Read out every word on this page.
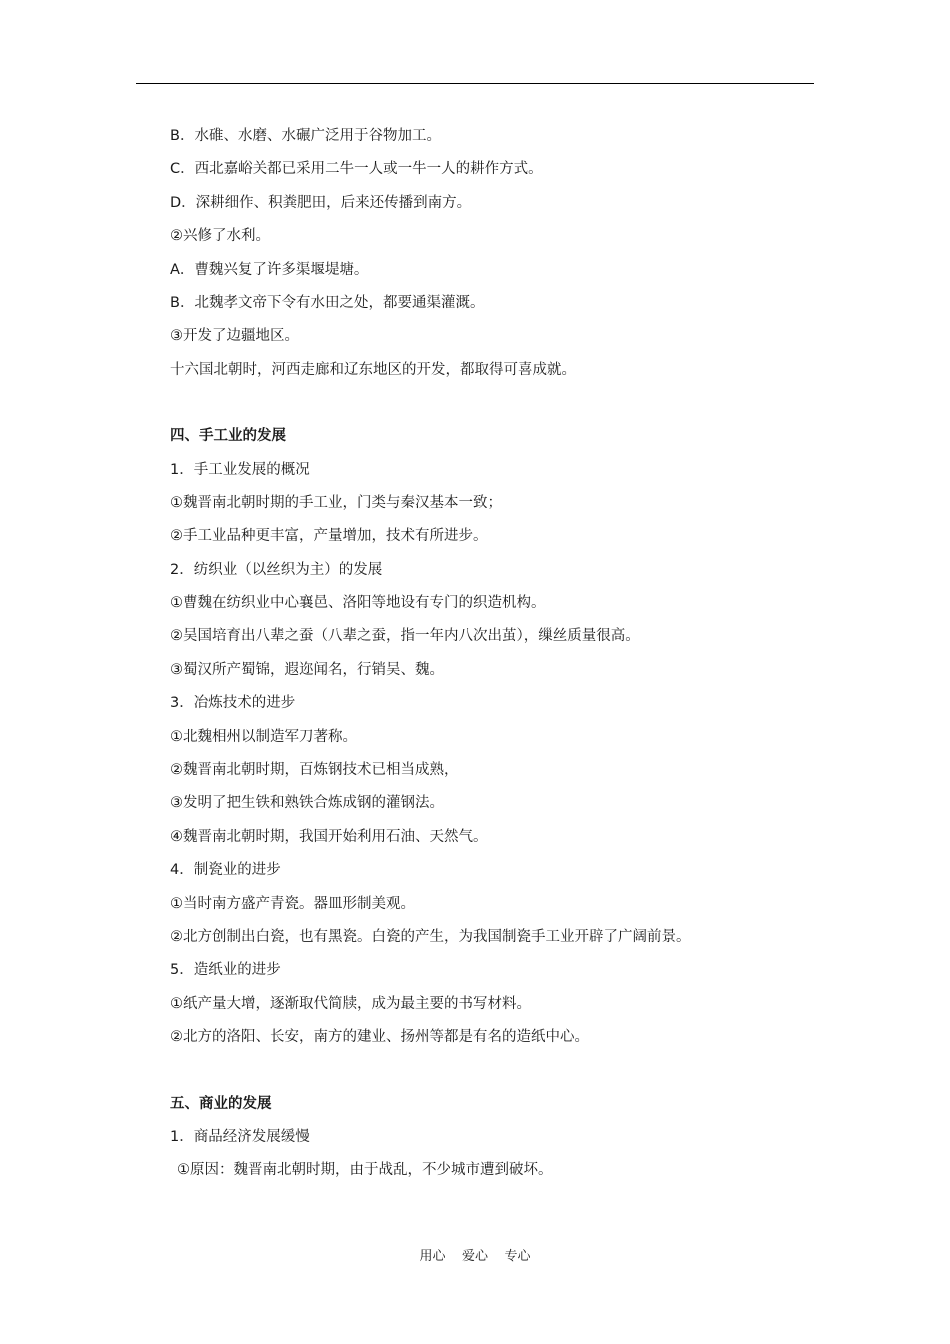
B．水碓、水磨、水碾广泛用于谷物加工。
C．西北嘉峪关都已采用二牛一人或一牛一人的耕作方式。
D．深耕细作、积粪肥田，后来还传播到南方。
②兴修了水利。
A．曹魏兴复了许多渠堰堤塘。
B．北魏孝文帝下令有水田之处，都要通渠灌溉。
③开发了边疆地区。
十六国北朝时，河西走廊和辽东地区的开发，都取得可喜成就。
四、手工业的发展
1．手工业发展的概况
①魏晋南北朝时期的手工业，门类与秦汉基本一致；
②手工业品种更丰富，产量增加，技术有所进步。
2．纺织业（以丝织为主）的发展
①曹魏在纺织业中心襄邑、洛阳等地设有专门的织造机构。
②吴国培育出八辈之蚕（八辈之蚕，指一年内八次出茧），缫丝质量很高。
③蜀汉所产蜀锦，遐迩闻名，行销吴、魏。
3．冶炼技术的进步
①北魏相州以制造军刀著称。
②魏晋南北朝时期，百炼钢技术已相当成熟，
③发明了把生铁和熟铁合炼成钢的灌钢法。
④魏晋南北朝时期，我国开始利用石油、天然气。
4．制瓷业的进步
①当时南方盛产青瓷。器皿形制美观。
②北方创制出白瓷，也有黑瓷。白瓷的产生，为我国制瓷手工业开辟了广阔前景。
5．造纸业的进步
①纸产量大增，逐渐取代简牍，成为最主要的书写材料。
②北方的洛阳、长安，南方的建业、扬州等都是有名的造纸中心。
五、商业的发展
1．商品经济发展缓慢
①原因：魏晋南北朝时期，由于战乱，不少城市遭到破坏。
用心    爱心    专心
